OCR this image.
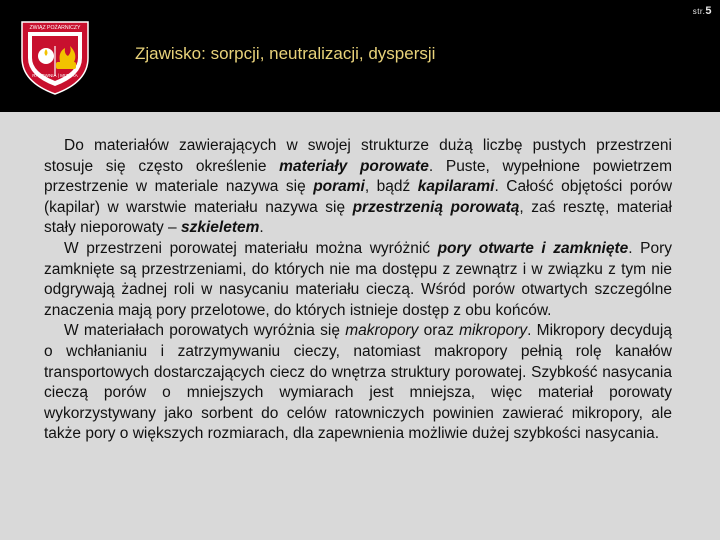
ZWIĄZ POŻARNICZY
RATOWNIA | MIZDRA
Zjawisko: sorpcji, neutralizacji, dyspersji
str.5

Do materiałów zawierających w swojej strukturze dużą liczbę pustych przestrzeni stosuje się często określenie materiały porowate. Puste, wypełnione powietrzem przestrzenie w materiale nazywa się porami, bądź kapilarami. Całość objętości porów (kapilar) w warstwie materiału nazywa się przestrzenią porowatą, zaś resztę, materiał stały nieporowaty – szkieletem.

W przestrzeni porowatej materiału można wyróżnić pory otwarte i zamknięte. Pory zamknięte są przestrzeniami, do których nie ma dostępu z zewnątrz i w związku z tym nie odgrywają żadnej roli w nasycaniu materiału cieczą. Wśród porów otwartych szczególne znaczenia mają pory przelotowe, do których istnieje dostęp z obu końców.

W materiałach porowatych wyróżnia się makropory oraz mikropory. Mikropory decydują o wchłanianiu i zatrzymywaniu cieczy, natomiast makropory pełnią rolę kanałów transportowych dostarczających ciecz do wnętrza struktury porowatej. Szybkość nasycania cieczą porów o mniejszych wymiarach jest mniejsza, więc materiał porowaty wykorzystywany jako sorbent do celów ratowniczych powinien zawierać mikropory, ale także pory o większych rozmiarach, dla zapewnienia możliwie dużej szybkości nasycania.
